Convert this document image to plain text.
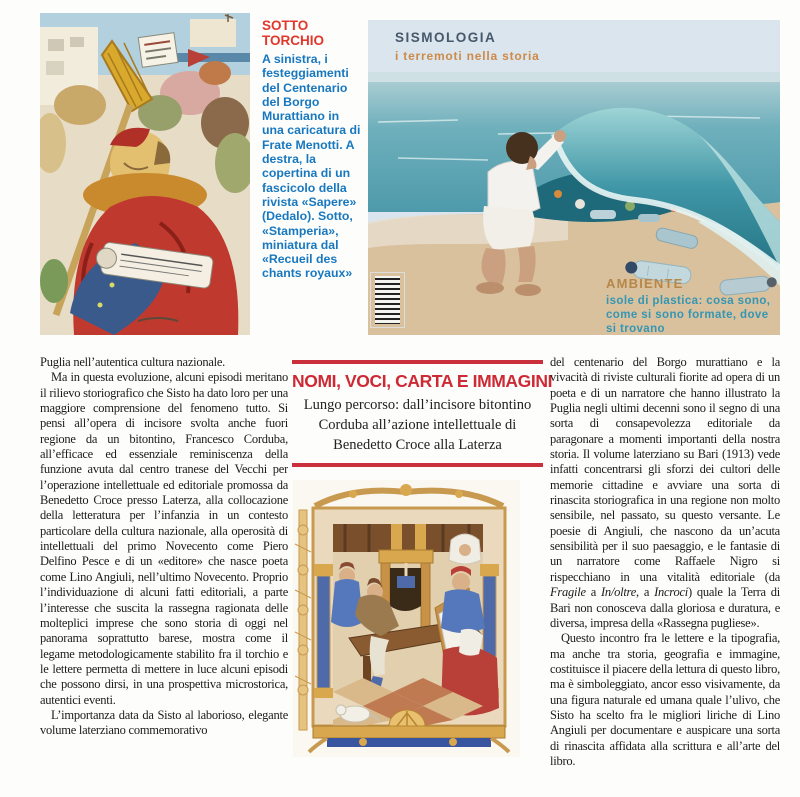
SOTTO TORCHIO

A sinistra, i festeggiamenti del Centenario del Borgo Murattiano in una caricatura di Frate Menotti. A destra, la copertina di un fascicolo della rivista «Sapere» (Dedalo). Sotto, «Stamperia», miniatura dal «Recueil des chants royaux»

SISMOLOGIA

i terremoti nella storia

AMBIENTE

isole di plastica: cosa sono,

come si sono formate, dove si trovano

Puglia nell’autentica cultura nazionale.

Ma in questa evoluzione, alcuni episodi meritano il rilievo storiografico che Sisto ha dato loro per una maggiore comprensione del fenomeno tutto. Si pensi all’opera di incisore svolta anche fuori regione da un bitontino, Francesco Corduba, all’efficace ed essenziale reminiscenza della funzione avuta dal centro tranese del Vecchi per l’operazione intellettuale ed editoriale promossa da Benedetto Croce presso Laterza, alla collocazione della letteratura per l’infanzia in un contesto particolare della cultura nazionale, alla operosità di intellettuali del primo Novecento come Piero Delfino Pesce e di un «editore» che nasce poeta come Lino Angiuli, nell’ultimo Novecento. Proprio l’individuazione di alcuni fatti editoriali, a parte l’interesse che suscita la rassegna ragionata delle molteplici imprese che sono storia di oggi nel panorama soprattutto barese, mostra come il legame metodologicamente stabilito fra il torchio e le lettere permetta di mettere in luce alcuni episodi che possono dirsi, in una prospettiva microstorica, autentici eventi.

L’importanza data da Sisto al laborioso, elegante volume laterziano commemorativo

NOMI, VOCI, CARTA E IMMAGINI

Lungo percorso: dall’incisore bitontino Corduba all’azione intellettuale di Benedetto Croce alla Laterza

del centenario del Borgo murattiano e la vivacità di riviste culturali fiorite ad opera di un poeta e di un narratore che hanno illustrato la Puglia negli ultimi decenni sono il segno di una sorta di consapevolezza editoriale da paragonare a momenti importanti della nostra storia. Il volume laterziano su Bari (1913) vede infatti concentrarsi gli sforzi dei cultori delle memorie cittadine e avviare una sorta di rinascita storiografica in una regione non molto sensibile, nel passato, su questo versante. Le poesie di Angiuli, che nascono da un’acuta sensibilità per il suo paesaggio, e le fantasie di un narratore come Raffaele Nigro si rispecchiano in una vitalità editoriale (da Fragile a In/oltre, a Incroci) quale la Terra di Bari non conosceva dalla gloriosa e duratura, e diversa, impresa della «Rassegna pugliese».

Questo incontro fra le lettere e la tipografia, ma anche tra storia, geografia e immagine, costituisce il piacere della lettura di questo libro, ma è simboleggiato, ancor esso visivamente, da una figura naturale ed umana quale l’ulivo, che Sisto ha scelto fra le migliori liriche di Lino Angiuli per documentare e auspicare una sorta di rinascita affidata alla scrittura e all’arte del libro.
